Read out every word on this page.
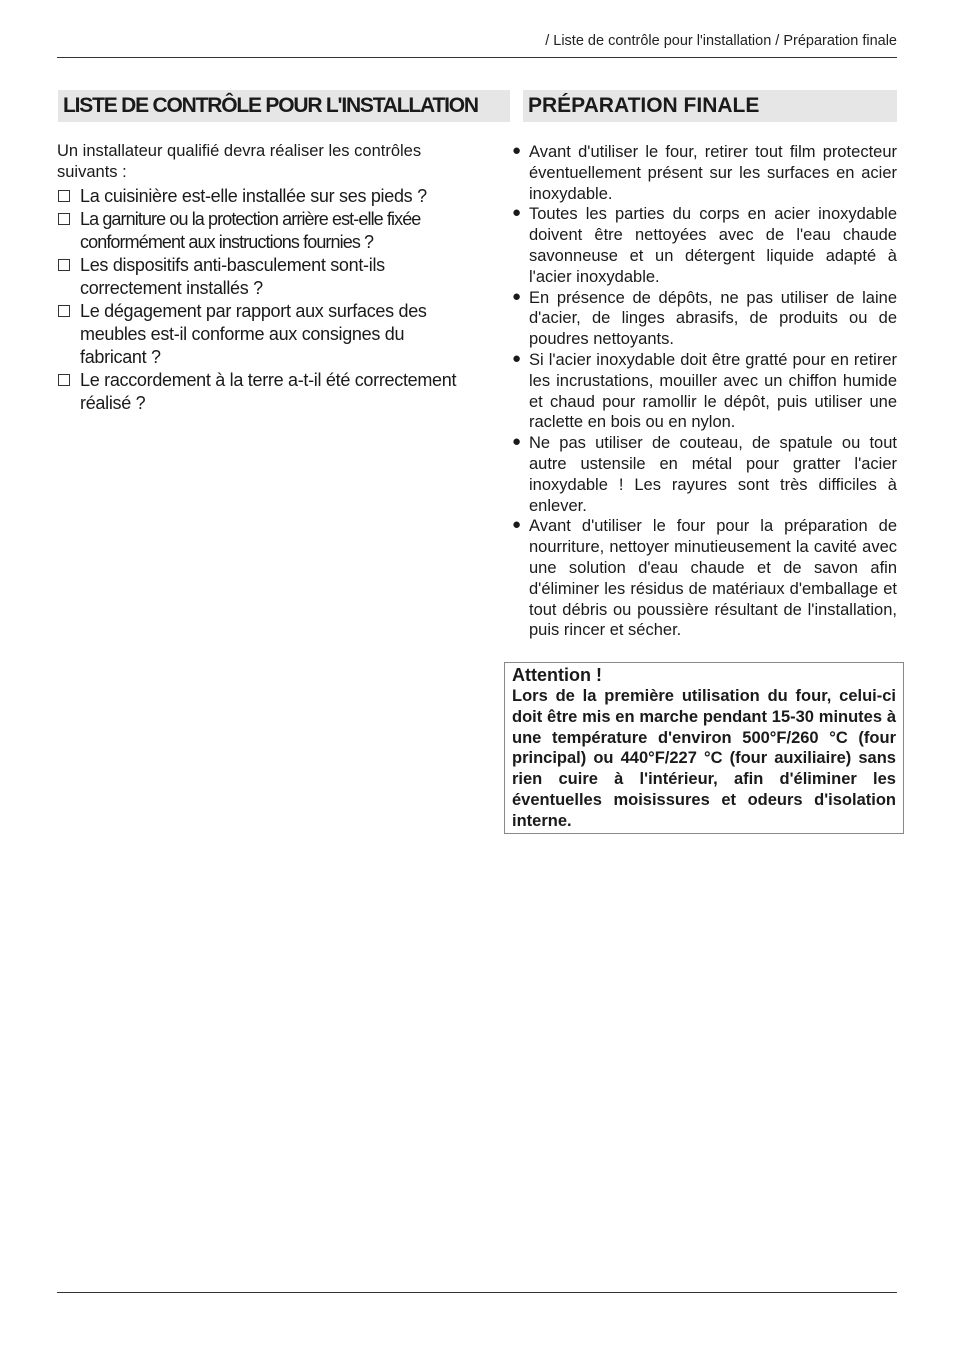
/ Liste de contrôle pour l'installation / Préparation finale
LISTE DE CONTRÔLE POUR L'INSTALLATION	PRÉPARATION FINALE

Un installateur qualifié devra réaliser les contrôles suivants :

La cuisinière est-elle installée sur ses pieds ?
La garniture ou la protection arrière est-elle fixée conformément aux instructions fournies ?
Les dispositifs anti-basculement sont-ils correctement installés ?
Le dégagement par rapport aux surfaces des meubles est-il conforme aux consignes du fabricant ?
Le raccordement à la terre a-t-il été correctement réalisé ?
● Avant d'utiliser le four, retirer tout film protecteur éventuellement présent sur les surfaces en acier inoxydable.
● Toutes les parties du corps en acier inoxydable doivent être nettoyées avec de l'eau chaude savonneuse et un détergent liquide adapté à l'acier inoxydable.
● En présence de dépôts, ne pas utiliser de laine d'acier, de linges abrasifs, de produits ou de poudres nettoyants.
● Si l'acier inoxydable doit être gratté pour en retirer les incrustations, mouiller avec un chiffon humide et chaud pour ramollir le dépôt, puis utiliser une raclette en bois ou en nylon.
● Ne pas utiliser de couteau, de spatule ou tout autre ustensile en métal pour gratter l'acier inoxydable ! Les rayures sont très difficiles à enlever.
● Avant d'utiliser le four pour la préparation de nourriture, nettoyer minutieusement la cavité avec une solution d'eau chaude et de savon afin d'éliminer les résidus de matériaux d'emballage et tout débris ou poussière résultant de l'installation, puis rincer et sécher.
Attention !
Lors de la première utilisation du four, celui-ci doit être mis en marche pendant 15-30 minutes à une température d'environ 500°F/260 °C (four principal) ou 440°F/227 °C (four auxiliaire) sans rien cuire à l'intérieur, afin d'éliminer les éventuelles moisissures et odeurs d'isolation interne.
